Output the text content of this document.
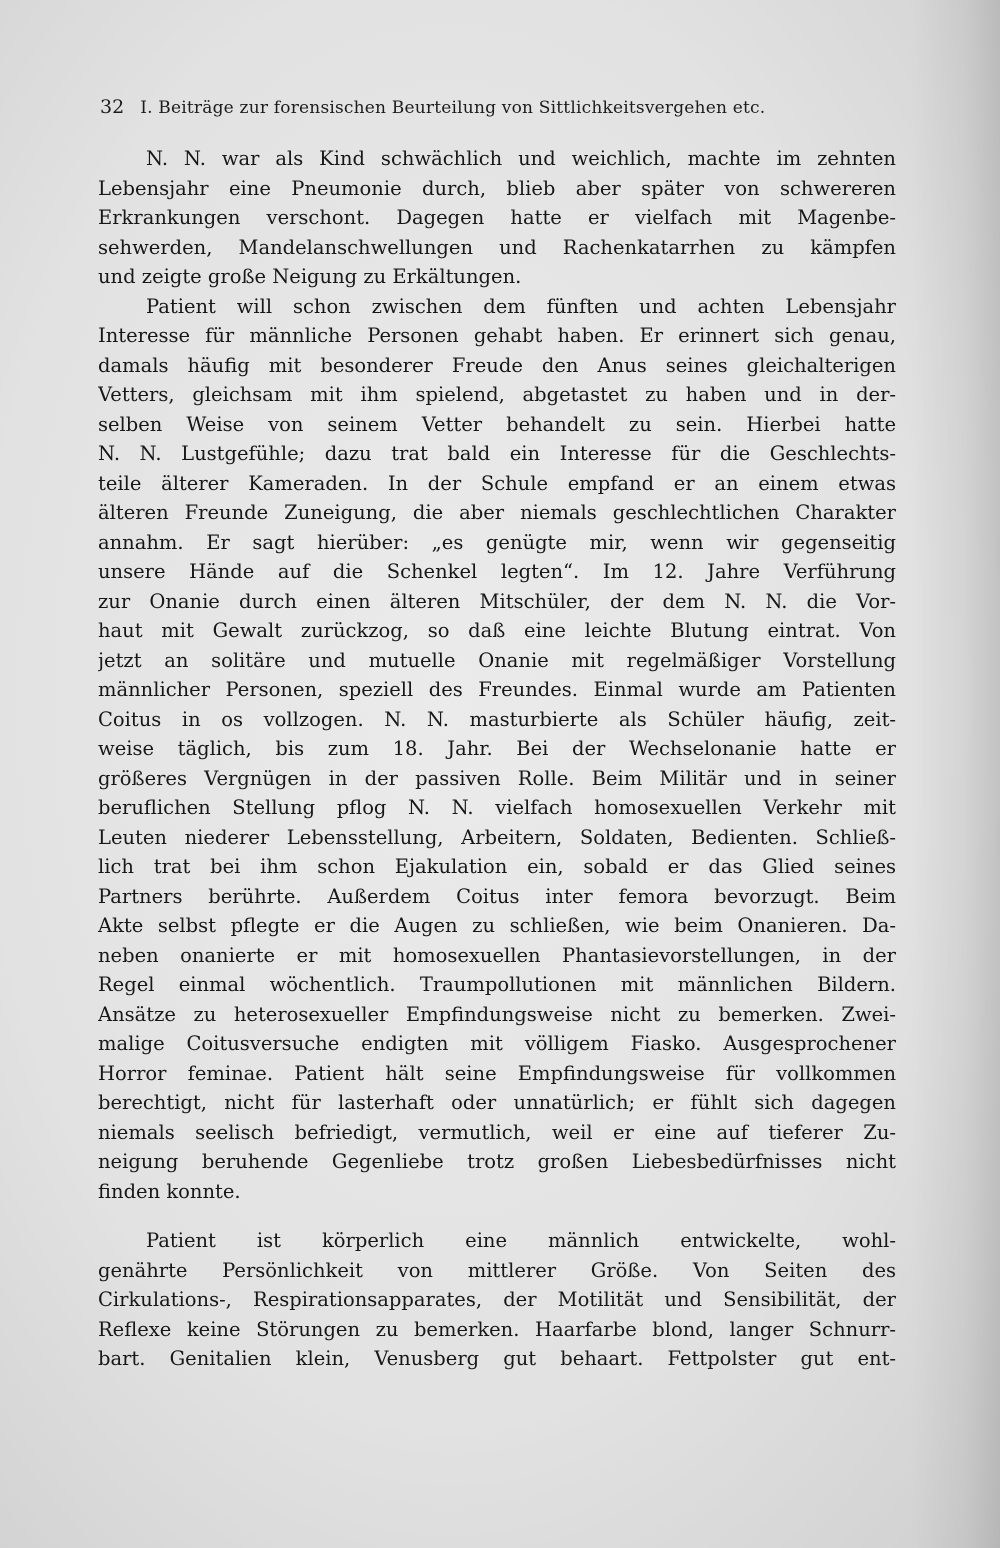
32 I. Beiträge zur forensischen Beurteilung von Sittlichkeitsvergehen etc.
N. N. war als Kind schwächlich und weichlich, machte im zehnten
Lebensjahr eine Pneumonie durch, blieb aber später von schwereren
Erkrankungen verschont. Dagegen hatte er vielfach mit Magenbe-
sehwerden, Mandelanschwellungen und Rachenkatarrhen zu kämpfen
und zeigte große Neigung zu Erkältungen.
Patient will schon zwischen dem fünften und achten Lebensjahr
Interesse für männliche Personen gehabt haben. Er erinnert sich genau,
damals häufig mit besonderer Freude den Anus seines gleichalterigen
Vetters, gleichsam mit ihm spielend, abgetastet zu haben und in der-
selben Weise von seinem Vetter behandelt zu sein. Hierbei hatte
N. N. Lustgefühle; dazu trat bald ein Interesse für die Geschlechts-
teile älterer Kameraden. In der Schule empfand er an einem etwas
älteren Freunde Zuneigung, die aber niemals geschlechtlichen Charakter
annahm. Er sagt hierüber: „es genügte mir, wenn wir gegenseitig
unsere Hände auf die Schenkel legten“. Im 12. Jahre Verführung
zur Onanie durch einen älteren Mitschüler, der dem N. N. die Vor-
haut mit Gewalt zurückzog, so daß eine leichte Blutung eintrat. Von
jetzt an solitäre und mutuelle Onanie mit regelmäßiger Vorstellung
männlicher Personen, speziell des Freundes. Einmal wurde am Patienten
Coitus in os vollzogen. N. N. masturbierte als Schüler häufig, zeit-
weise täglich, bis zum 18. Jahr. Bei der Wechselonanie hatte er
größeres Vergnügen in der passiven Rolle. Beim Militär und in seiner
beruflichen Stellung pflog N. N. vielfach homosexuellen Verkehr mit
Leuten niederer Lebensstellung, Arbeitern, Soldaten, Bedienten. Schließ-
lich trat bei ihm schon Ejakulation ein, sobald er das Glied seines
Partners berührte. Außerdem Coitus inter femora bevorzugt. Beim
Akte selbst pflegte er die Augen zu schließen, wie beim Onanieren. Da-
neben onanierte er mit homosexuellen Phantasievorstellungen, in der
Regel einmal wöchentlich. Traumpollutionen mit männlichen Bildern.
Ansätze zu heterosexueller Empfindungsweise nicht zu bemerken. Zwei-
malige Coitusversuche endigten mit völligem Fiasko. Ausgesprochener
Horror feminae. Patient hält seine Empfindungsweise für vollkommen
berechtigt, nicht für lasterhaft oder unnatürlich; er fühlt sich dagegen
niemals seelisch befriedigt, vermutlich, weil er eine auf tieferer Zu-
neigung beruhende Gegenliebe trotz großen Liebesbedürfnisses nicht
finden konnte.
Patient ist körperlich eine männlich entwickelte, wohl-
genährte Persönlichkeit von mittlerer Größe. Von Seiten des
Cirkulations-, Respirationsapparates, der Motilität und Sensibilität, der
Reflexe keine Störungen zu bemerken. Haarfarbe blond, langer Schnurr-
bart. Genitalien klein, Venusberg gut behaart. Fettpolster gut ent-
